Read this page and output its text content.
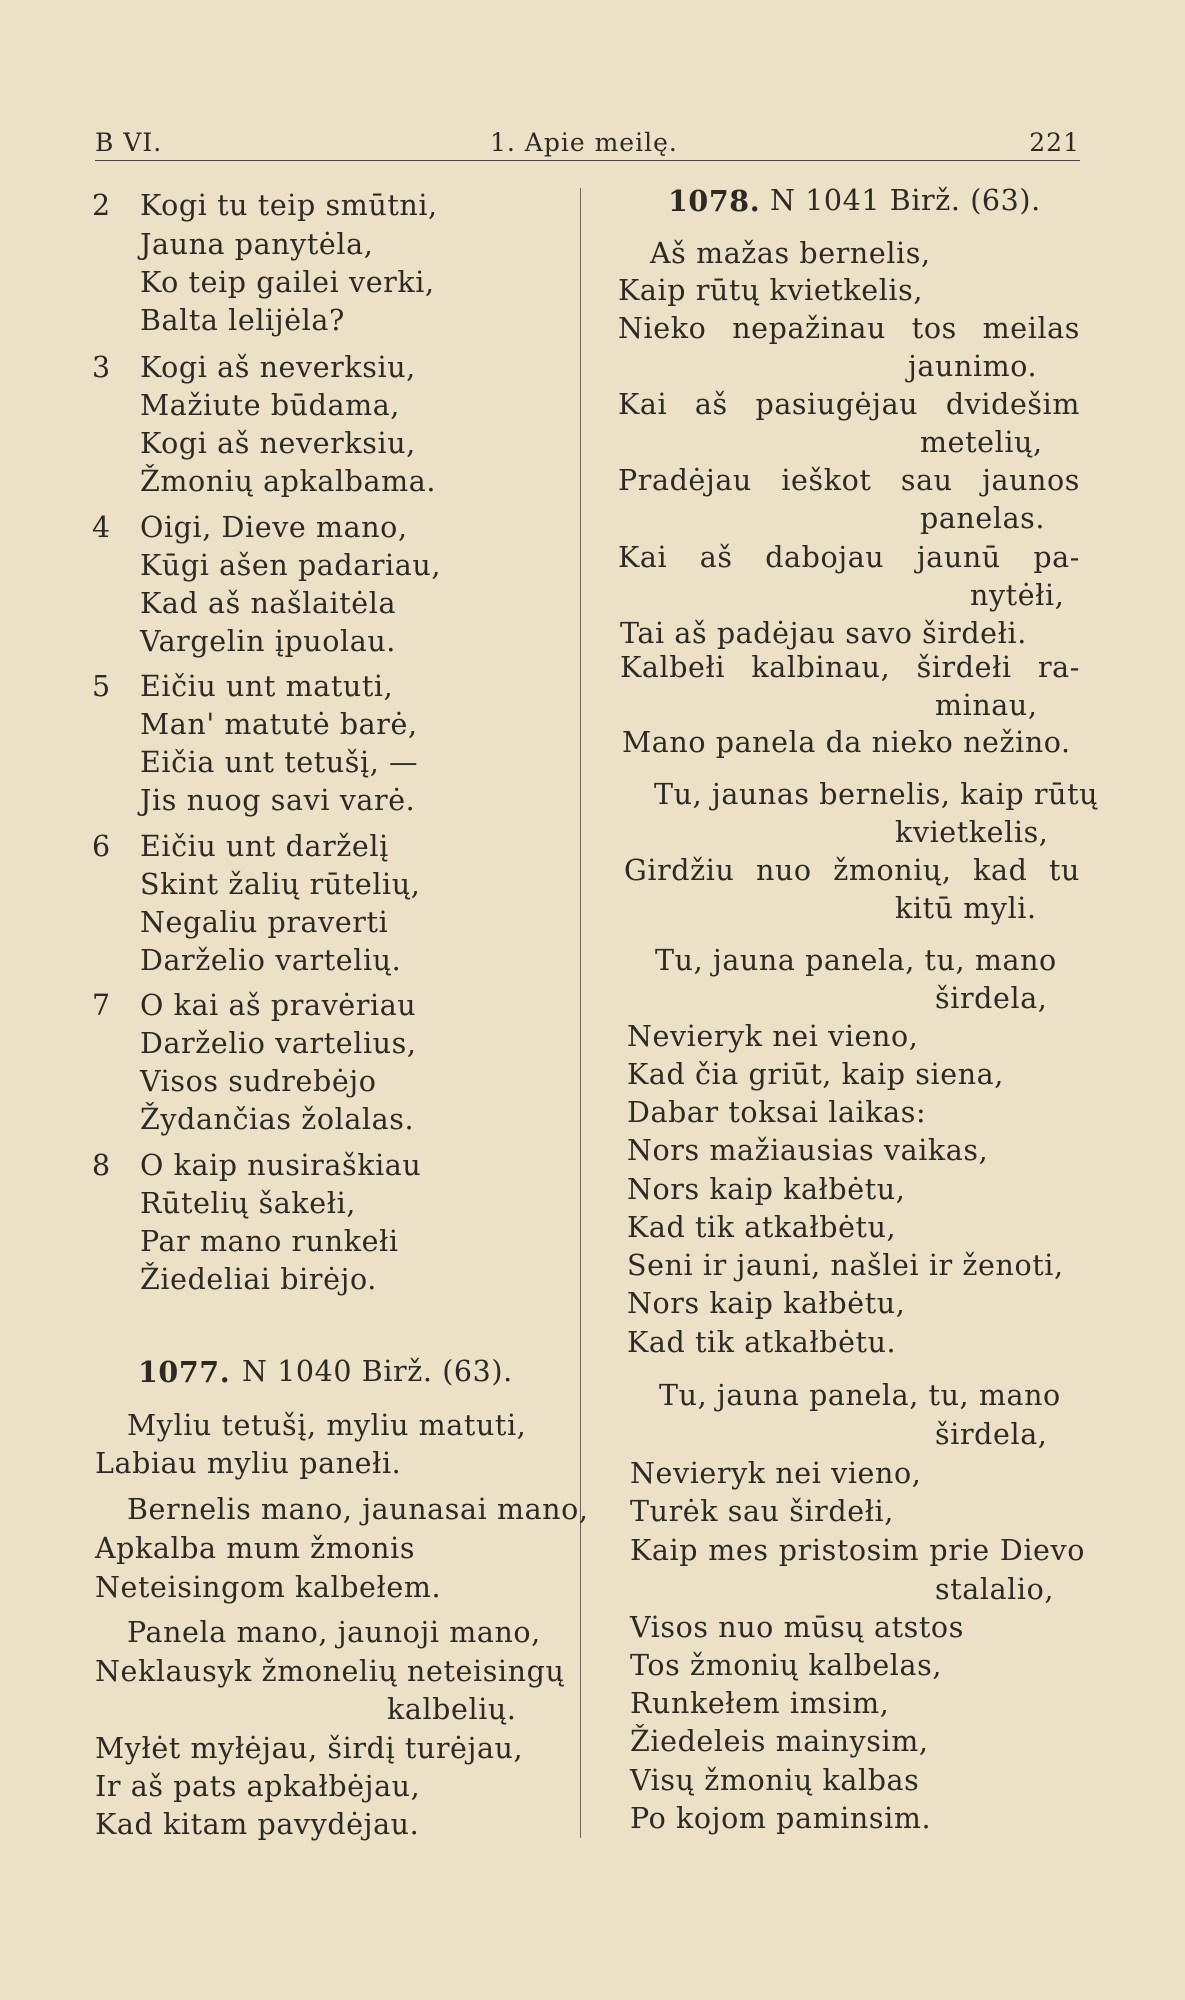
B VI.	1. Apie meilę.	221
2 Kogi tu teip smūtni,
Jauna panytėla,
Ko teip gailei verki,
Balta lelijėla?
3 Kogi aš neverksiu,
Mažiute būdama,
Kogi aš neverksiu,
Žmonių apkalbama.
4 Oigi, Dieve mano,
Kūgi ašen padariau,
Kad aš našlaitėla
Vargelin įpuolau.
5 Eičiu unt matuti,
Man' matutė barė,
Eičia unt tetušį, —
Jis nuog savi varė.
6 Eičiu unt darželį
Skint žalių rūtelių,
Negaliu praverti
Darželio vartelių.
7 O kai aš pravėriau
Darželio vartelius,
Visos sudrebėjo
Žydančias žolalas.
8 O kaip nusiraškiau
Rūtelių šakełi,
Par mano runkełi
Žiedeliai birėjo.
1077. N 1040 Birž. (63).
Myliu tetušį, myliu matuti,
Labiau myliu panełi.
Bernelis mano, jaunasai mano,
Apkalba mum žmonis
Neteisingom kalbełem.
Panela mano, jaunoji mano,
Neklausyk žmonelių neteisingų
kalbelių.
Myłėt myłėjau, širdį turėjau,
Ir aš pats apkałbėjau,
Kad kitam pavydėjau.
1078. N 1041 Birž. (63).
Aš mažas bernelis,
Kaip rūtų kvietkelis,
Nieko nepažinau tos meilas
jaunimo.
Kai aš pasiugėjau dvidešim
metelių,
Pradėjau ieškot sau jaunos
panelas.
Kai aš dabojau jaunū pa-
nytėłi,
Tai aš padėjau savo širdełi.
Kalbełi kalbinau, širdełi ra-
minau,
Mano panela da nieko nežino.
Tu, jaunas bernelis, kaip rūtų
kvietkelis,
Girdžiu nuo žmonių, kad tu
kitū myli.
Tu, jauna panela, tu, mano
širdela,
Nevieryk nei vieno,
Kad čia griūt, kaip siena,
Dabar toksai laikas:
Nors mažiausias vaikas,
Nors kaip kałbėtu,
Kad tik atkałbėtu,
Seni ir jauni, našlei ir ženoti,
Nors kaip kałbėtu,
Kad tik atkałbėtu.
Tu, jauna panela, tu, mano
širdela,
Nevieryk nei vieno,
Turėk sau širdełi,
Kaip mes pristosim prie Dievo
stalalio,
Visos nuo mūsų atstos
Tos žmonių kalbelas,
Runkełem imsim,
Žiedeleis mainysim,
Visų žmonių kalbas
Po kojom paminsim.
